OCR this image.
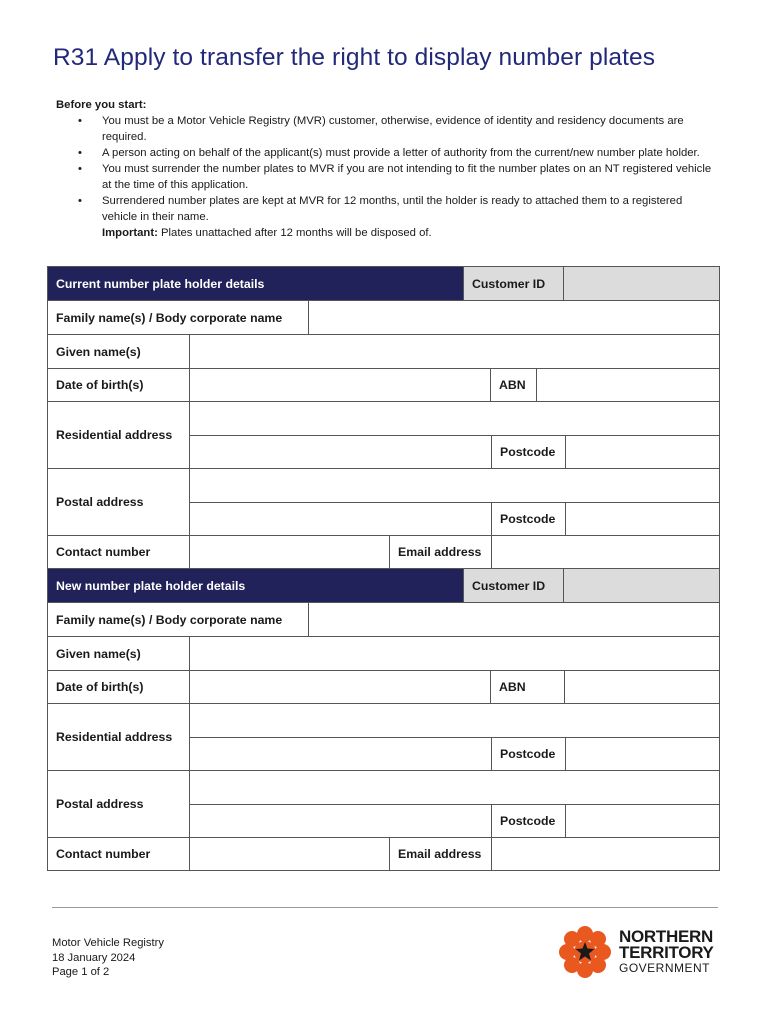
R31 Apply to transfer the right to display number plates
Before you start:
• You must be a Motor Vehicle Registry (MVR) customer, otherwise, evidence of identity and residency documents are required.
• A person acting on behalf of the applicant(s) must provide a letter of authority from the current/new number plate holder.
• You must surrender the number plates to MVR if you are not intending to fit the number plates on an NT registered vehicle at the time of this application.
• Surrendered number plates are kept at MVR for 12 months, until the holder is ready to attached them to a registered vehicle in their name.
Important: Plates unattached after 12 months will be disposed of.
Current number plate holder details	Customer ID
Family name(s) / Body corporate name
Given name(s)
Date of birth(s)	ABN
Residential address
Postcode
Postal address
Postcode
Contact number	Email address
New number plate holder details	Customer ID
Family name(s) / Body corporate name
Given name(s)
Date of birth(s)	ABN
Residential address
Postcode
Postal address
Postcode
Contact number	Email address
Motor Vehicle Registry
18 January 2024
Page 1 of 2
NORTHERN
TERRITORY
GOVERNMENT
